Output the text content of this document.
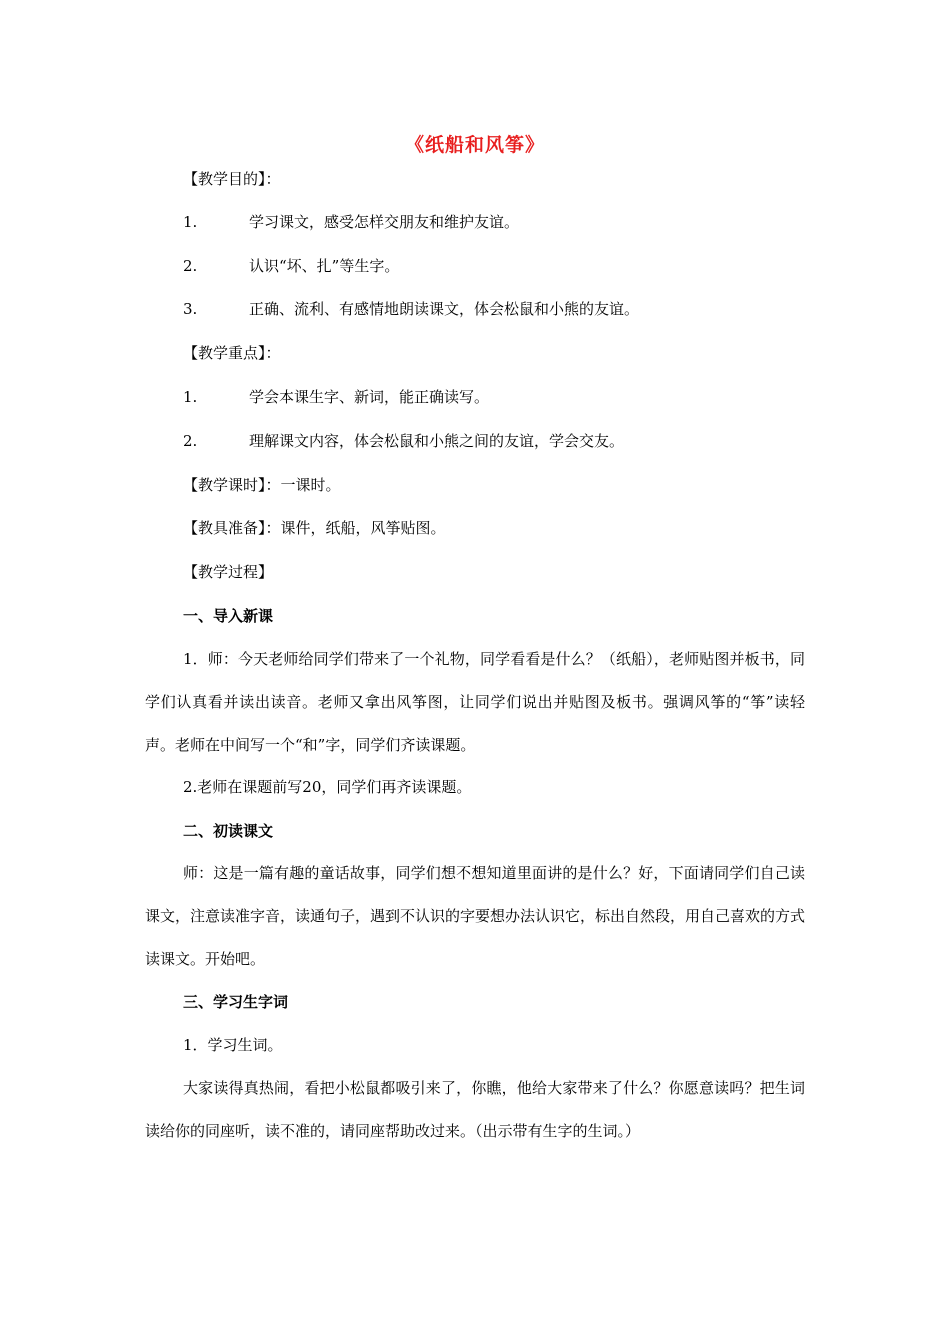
《纸船和风筝》
【教学目的】：
1.	学习课文，感受怎样交朋友和维护友谊。
2.	认识“坏、扎”等生字。
3.	正确、流利、有感情地朗读课文，体会松鼠和小熊的友谊。
【教学重点】：
1.	学会本课生字、新词，能正确读写。
2.	理解课文内容，体会松鼠和小熊之间的友谊，学会交友。
【教学课时】：一课时。
【教具准备】：课件，纸船，风筝贴图。
【教学过程】
一、导入新课
1．师：今天老师给同学们带来了一个礼物，同学看看是什么？（纸船），老师贴图并板书，同学们认真看并读出读音。老师又拿出风筝图，让同学们说出并贴图及板书。强调风筝的“筝”读轻声。老师在中间写一个“和”字，同学们齐读课题。
2.老师在课题前写20，同学们再齐读课题。
二、初读课文
师：这是一篇有趣的童话故事，同学们想不想知道里面讲的是什么？好，下面请同学们自己读课文，注意读准字音，读通句子，遇到不认识的字要想办法认识它，标出自然段，用自己喜欢的方式读课文。开始吧。
三、学习生字词
1．学习生词。
大家读得真热闹，看把小松鼠都吸引来了，你瞧，他给大家带来了什么？你愿意读吗？把生词读给你的同座听，读不准的，请同座帮助改过来。（出示带有生字的生词。）
